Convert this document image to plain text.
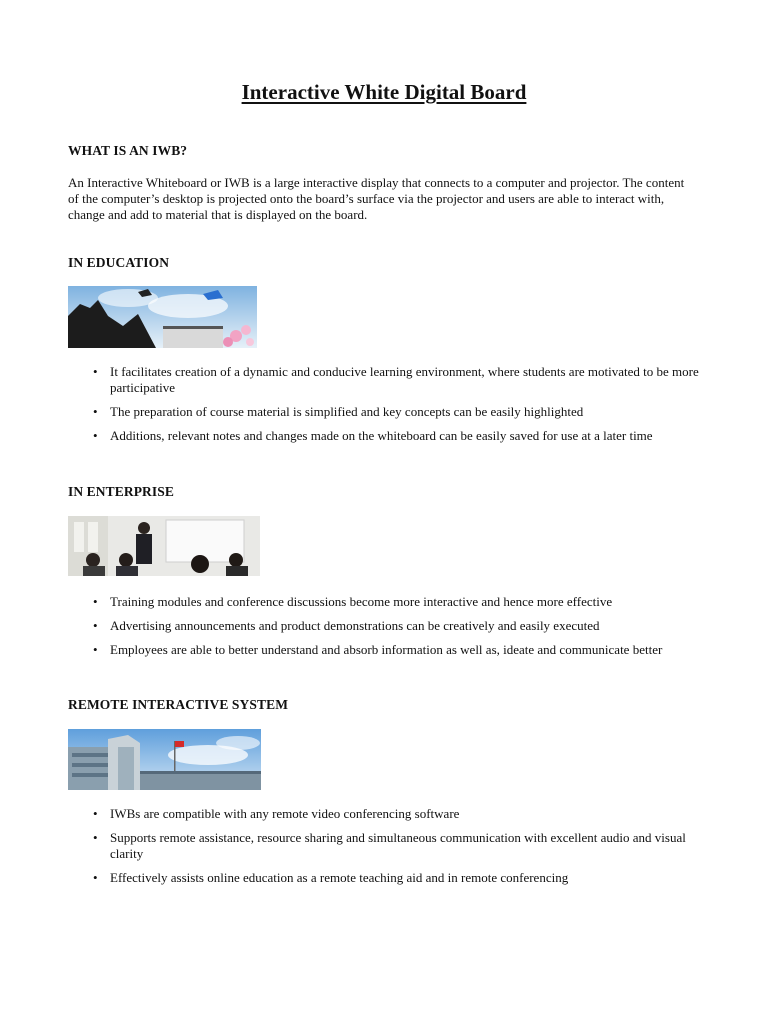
Interactive White Digital Board
WHAT IS AN IWB?

An Interactive Whiteboard or IWB is a large interactive display that connects to a computer and projector. The content of the computer’s desktop is projected onto the board’s surface via the projector and users are able to interact with, change and add to material that is displayed on the board.

IN EDUCATION
• It facilitates creation of a dynamic and conducive learning environment, where students are motivated to be more participative
• The preparation of course material is simplified and key concepts can be easily highlighted
• Additions, relevant notes and changes made on the whiteboard can be easily saved for use at a later time
IN ENTERPRISE
• Training modules and conference discussions become more interactive and hence more effective
• Advertising announcements and product demonstrations can be creatively and easily executed
• Employees are able to better understand and absorb information as well as, ideate and communicate better
REMOTE INTERACTIVE SYSTEM
• IWBs are compatible with any remote video conferencing software
• Supports remote assistance, resource sharing and simultaneous communication with excellent audio and visual clarity
• Effectively assists online education as a remote teaching aid and in remote conferencing
